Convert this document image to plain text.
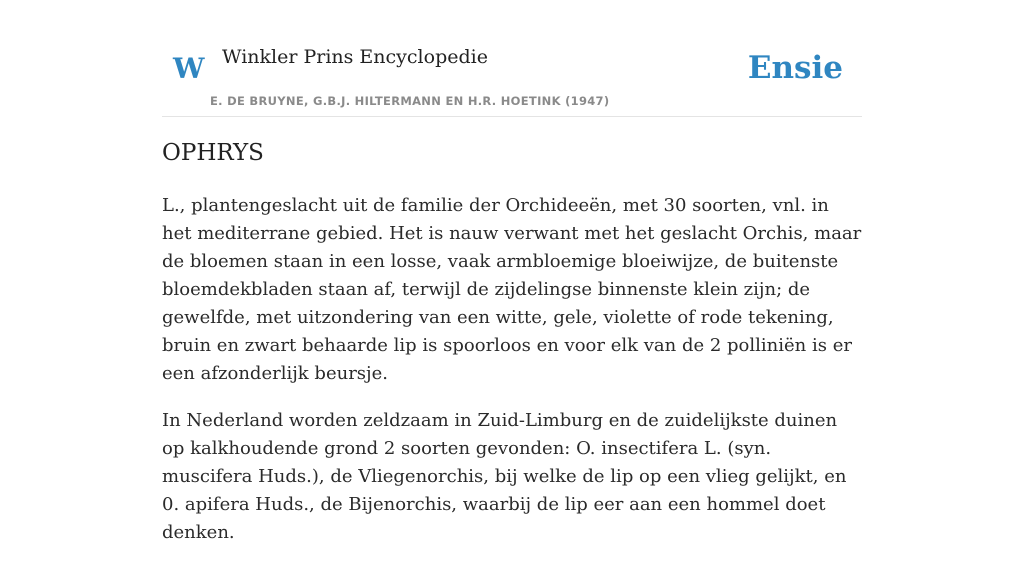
W Winkler Prins Encyclopedie
E. DE BRUYNE, G.B.J. HILTERMANN EN H.R. HOETINK (1947)
Ensie
OPHRYS

L., plantengeslacht uit de familie der Orchideeën, met 30 soorten, vnl. in het mediterrane gebied. Het is nauw verwant met het geslacht Orchis, maar de bloemen staan in een losse, vaak armbloemige bloeiwijze, de buitenste bloemdekbladen staan af, terwijl de zijdelingse binnenste klein zijn; de gewelfde, met uitzondering van een witte, gele, violette of rode tekening, bruin en zwart behaarde lip is spoorloos en voor elk van de 2 polliniën is er een afzonderlijk beursje.

In Nederland worden zeldzaam in Zuid-Limburg en de zuidelijkste duinen op kalkhoudende grond 2 soorten gevonden: O. insectifera L. (syn. muscifera Huds.), de Vliegenorchis, bij welke de lip op een vlieg gelijkt, en 0. apifera Huds., de Bijenorchis, waarbij de lip eer aan een hommel doet denken.
